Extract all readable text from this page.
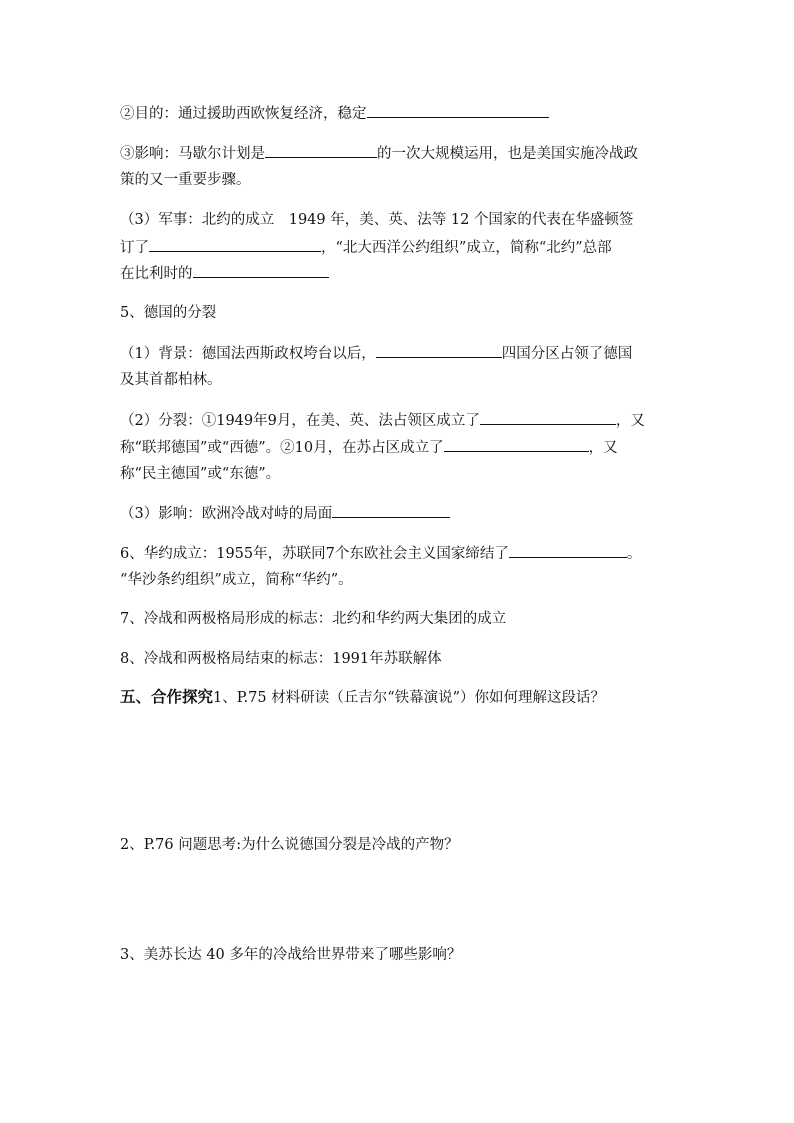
②目的：通过援助西欧恢复经济，稳定
③影响：马歇尔计划是	的一次大规模运用，也是美国实施冷战政
策的又一重要步骤。
（3）军事：北约的成立　1949 年，美、英、法等 12 个国家的代表在华盛顿签
订了	，“北大西洋公约组织”成立，简称“北约”总部
在比利时的
5、德国的分裂
（1）背景：德国法西斯政权垮台以后，	四国分区占领了德国
及其首都柏林。
（2）分裂：①1949年9月，在美、英、法占领区成立了	，又
称“联邦德国”或“西德”。②10月，在苏占区成立了	，又
称“民主德国”或“东德”。
（3）影响：欧洲冷战对峙的局面
6、华约成立：1955年，苏联同7个东欧社会主义国家缔结了	。
“华沙条约组织”成立，简称“华约”。
7、冷战和两极格局形成的标志：北约和华约两大集团的成立
8、冷战和两极格局结束的标志：1991年苏联解体
五、合作探究1、P.75 材料研读（丘吉尔“铁幕演说”）你如何理解这段话？
2、P.76 问题思考:为什么说德国分裂是冷战的产物？
3、美苏长达 40 多年的冷战给世界带来了哪些影响？
